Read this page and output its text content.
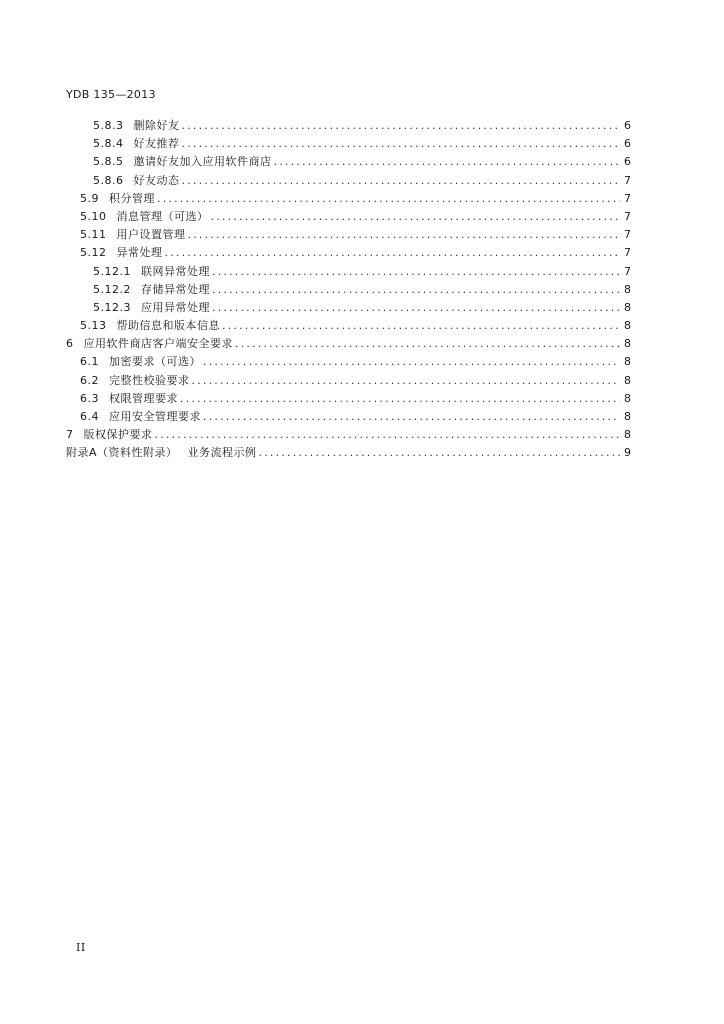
YDB 135—2013
5.8.3 删除好友 .....	6
5.8.4 好友推荐 .....	6
5.8.5 邀请好友加入应用软件商店 .....	6
5.8.6 好友动态 .....	7
5.9 积分管理 .....	7
5.10 消息管理（可选） .....	7
5.11 用户设置管理 .....	7
5.12 异常处理 .....	7
5.12.1 联网异常处理 .....	7
5.12.2 存储异常处理 .....	8
5.12.3 应用异常处理 .....	8
5.13 帮助信息和版本信息 .....	8
6 应用软件商店客户端安全要求 .....	8
6.1 加密要求（可选） .....	8
6.2 完整性校验要求 .....	8
6.3 权限管理要求 .....	8
6.4 应用安全管理要求 .....	8
7 版权保护要求 .....	8
附录A（资料性附录） 业务流程示例 .....	9
II
